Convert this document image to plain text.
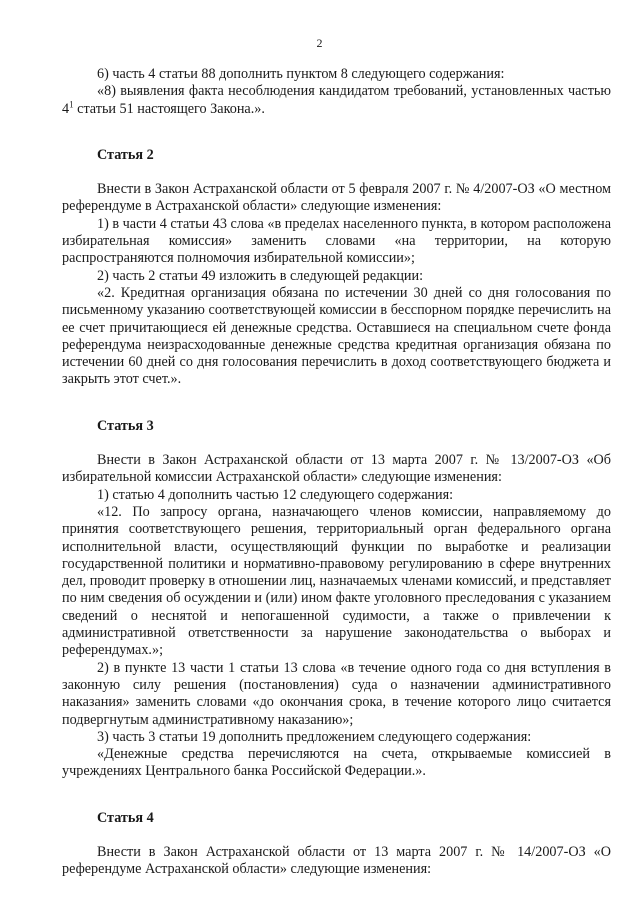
2

6) часть 4 статьи 88 дополнить пунктом 8 следующего содержания:

«8) выявления факта несоблюдения кандидатом требований, установленных частью $4^1$ статьи 51 настоящего Закона.».

Статья 2

Внести в Закон Астраханской области от 5 февраля 2007 г. № 4/2007-ОЗ «О местном референдуме в Астраханской области» следующие изменения:

1) в части 4 статьи 43 слова «в пределах населенного пункта, в котором расположена избирательная комиссия» заменить словами «на территории, на которую распространяются полномочия избирательной комиссии»;

2) часть 2 статьи 49 изложить в следующей редакции:

«2. Кредитная организация обязана по истечении 30 дней со дня голосования по письменному указанию соответствующей комиссии в бесспорном порядке перечислить на ее счет причитающиеся ей денежные средства. Оставшиеся на специальном счете фонда референдума неизрасходованные денежные средства кредитная организация обязана по истечении 60 дней со дня голосования перечислить в доход соответствующего бюджета и закрыть этот счет.».

Статья 3

Внести в Закон Астраханской области от 13 марта 2007 г. № 13/2007-ОЗ «Об избирательной комиссии Астраханской области» следующие изменения:

1) статью 4 дополнить частью 12 следующего содержания:

«12. По запросу органа, назначающего членов комиссии, направляемому до принятия соответствующего решения, территориальный орган федерального органа исполнительной власти, осуществляющий функции по выработке и реализации государственной политики и нормативно-правовому регулированию в сфере внутренних дел, проводит проверку в отношении лиц, назначаемых членами комиссий, и представляет по ним сведения об осуждении и (или) ином факте уголовного преследования с указанием сведений о неснятой и непогашенной судимости, а также о привлечении к административной ответственности за нарушение законодательства о выборах и референдумах.»;

2) в пункте 13 части 1 статьи 13 слова «в течение одного года со дня вступления в законную силу решения (постановления) суда о назначении административного наказания» заменить словами «до окончания срока, в течение которого лицо считается подвергнутым административному наказанию»;

3) часть 3 статьи 19 дополнить предложением следующего содержания:

«Денежные средства перечисляются на счета, открываемые комиссией в учреждениях Центрального банка Российской Федерации.».

Статья 4

Внести в Закон Астраханской области от 13 марта 2007 г. № 14/2007-ОЗ «О референдуме Астраханской области» следующие изменения:
